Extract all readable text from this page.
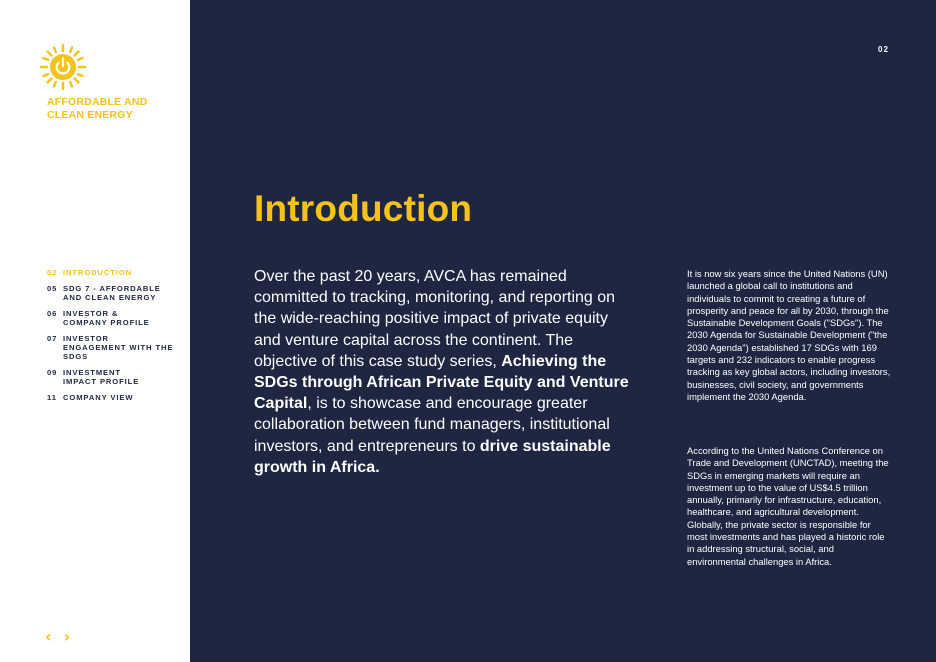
AFFORDABLE AND
CLEAN ENERGY
02 INTRODUCTION
05 SDG 7 - AFFORDABLE AND CLEAN ENERGY
06 INVESTOR & COMPANY PROFILE
07 INVESTOR ENGAGEMENT WITH THE SDGS
09 INVESTMENT IMPACT PROFILE
11 COMPANY VIEW
‹ ›
02
Introduction

Over the past 20 years, AVCA has remained committed to tracking, monitoring, and reporting on the wide-reaching positive impact of private equity and venture capital across the continent. The objective of this case study series, Achieving the SDGs through African Private Equity and Venture Capital, is to showcase and encourage greater collaboration between fund managers, institutional investors, and entrepreneurs to drive sustainable growth in Africa.

It is now six years since the United Nations (UN) launched a global call to institutions and individuals to commit to creating a future of prosperity and peace for all by 2030, through the Sustainable Development Goals ("SDGs"). The 2030 Agenda for Sustainable Development ("the 2030 Agenda") established 17 SDGs with 169 targets and 232 indicators to enable progress tracking as key global actors, including investors, businesses, civil society, and governments implement the 2030 Agenda.

According to the United Nations Conference on Trade and Development (UNCTAD), meeting the SDGs in emerging markets will require an investment up to the value of US$4.5 trillion annually, primarily for infrastructure, education, healthcare, and agricultural development. Globally, the private sector is responsible for most investments and has played a historic role in addressing structural, social, and environmental challenges in Africa.
